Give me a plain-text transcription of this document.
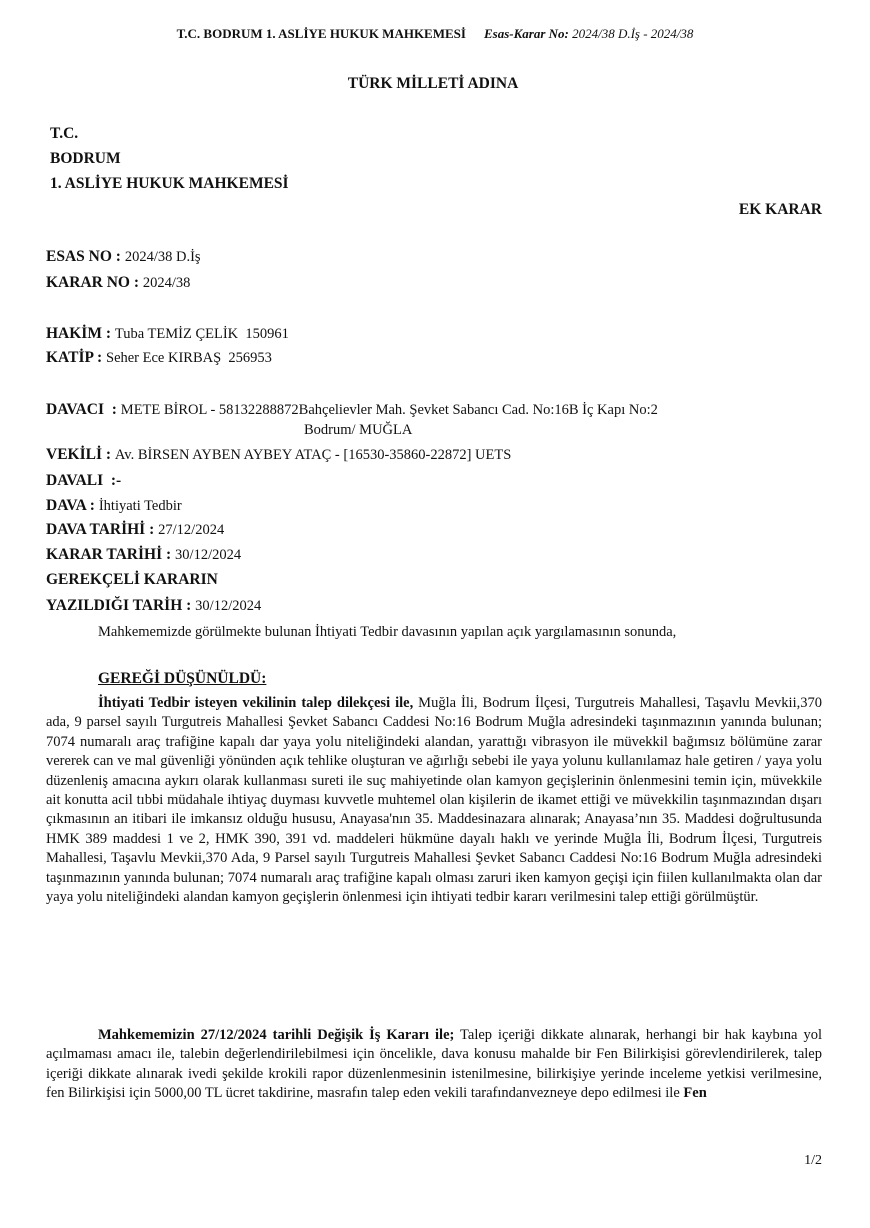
T.C. BODRUM 1. ASLİYE HUKUK MAHKEMESİ Esas-Karar No: 2024/38 D.İş - 2024/38
TÜRK MİLLETİ ADINA
T.C.
BODRUM
1. ASLİYE HUKUK MAHKEMESİ
EK KARAR
ESAS NO : 2024/38 D.İş
KARAR NO : 2024/38
HAKİM : Tuba TEMİZ ÇELİK  150961
KATİP : Seher Ece KIRBAŞ  256953
DAVACI  : METE BİROL - 58132288872Bahçelievler Mah. Şevket Sabancı Cad. No:16B İç Kapı No:2
Bodrum/ MUĞLA
VEKİLİ : Av. BİRSEN AYBEN AYBEY ATAÇ - [16530-35860-22872] UETS
DAVALI  :-
DAVA : İhtiyati Tedbir
DAVA TARİHİ : 27/12/2024
KARAR TARİHİ : 30/12/2024
GEREKÇELİ KARARIN
YAZILDIĞI TARİH : 30/12/2024

Mahkememizde görülmekte bulunan İhtiyati Tedbir davasının yapılan açık yargılamasının sonunda,

GEREĞİ DÜŞÜNÜLDÜ:

İhtiyati Tedbir isteyen vekilinin talep dilekçesi ile, Muğla İli, Bodrum İlçesi, Turgutreis Mahallesi, Taşavlu Mevkii,370 ada, 9 parsel sayılı Turgutreis Mahallesi Şevket Sabancı Caddesi No:16 Bodrum Muğla adresindeki taşınmazının yanında bulunan; 7074 numaralı araç trafiğine kapalı dar yaya yolu niteliğindeki alandan, yarattığı vibrasyon ile müvekkil bağımsız bölümüne zarar vererek can ve mal güvenliği yönünden açık tehlike oluşturan ve ağırlığı sebebi ile yaya yolunu kullanılamaz hale getiren / yaya yolu düzenleniş amacına aykırı olarak kullanması sureti ile suç mahiyetinde olan kamyon geçişlerinin önlenmesini temin için, müvekkile ait konutta acil tıbbi müdahale ihtiyaç duyması kuvvetle muhtemel olan kişilerin de ikamet ettiği ve müvekkilin taşınmazından dışarı çıkmasının an itibari ile imkansız olduğu hususu, Anayasa'nın 35. Maddesinazara alınarak; Anayasa’nın 35. Maddesi doğrultusunda HMK 389 maddesi 1 ve 2, HMK 390, 391 vd. maddeleri hükmüne dayalı haklı ve yerinde Muğla İli, Bodrum İlçesi, Turgutreis Mahallesi, Taşavlu Mevkii,370 Ada, 9 Parsel sayılı Turgutreis Mahallesi Şevket Sabancı Caddesi No:16 Bodrum Muğla adresindeki taşınmazının yanında bulunan; 7074 numaralı araç trafiğine kapalı olması zaruri iken kamyon geçişi için fiilen kullanılmakta olan dar yaya yolu niteliğindeki alandan kamyon geçişlerin önlenmesi için ihtiyati tedbir kararı verilmesini talep ettiği görülmüştür.

Mahkememizin 27/12/2024 tarihli Değişik İş Kararı ile; Talep içeriği dikkate alınarak, herhangi bir hak kaybına yol açılmaması amacı ile, talebin değerlendirilebilmesi için öncelikle, dava konusu mahalde bir Fen Bilirkişisi görevlendirilerek, talep içeriği dikkate alınarak ivedi şekilde krokili rapor düzenlenmesinin istenilmesine, bilirkişiye yerinde inceleme yetkisi verilmesine, fen Bilirkişisi için 5000,00 TL ücret takdirine, masrafın talep eden vekili tarafındanvezneye depo edilmesi ile Fen

1/2
